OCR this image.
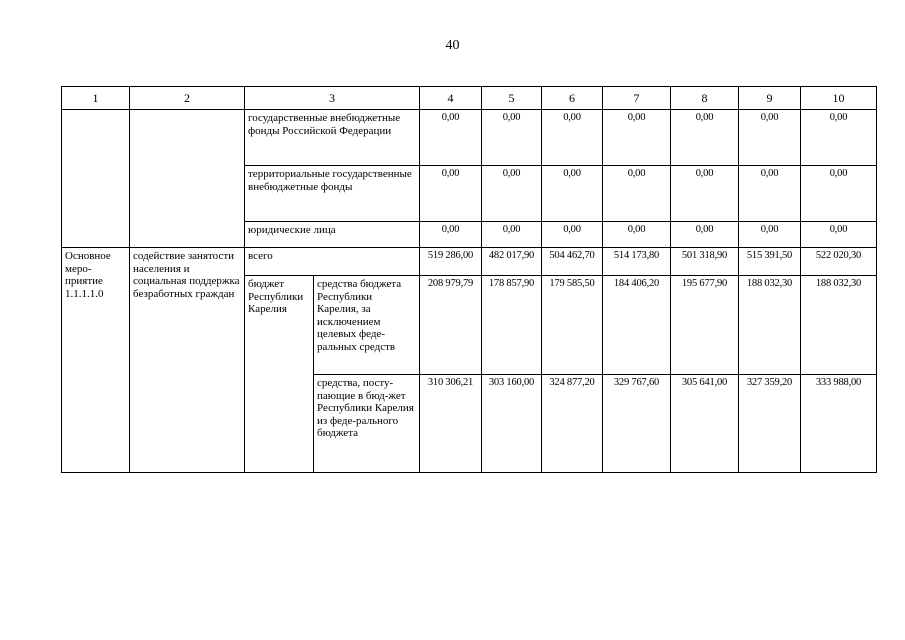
40
1	2	3		4	5	6	7	8	9	10
		государственные внебюджетные фонды Российской Федерации		0,00	0,00	0,00	0,00	0,00	0,00	0,00
		территориальные государственные внебюджетные фонды		0,00	0,00	0,00	0,00	0,00	0,00	0,00
		юридические лица		0,00	0,00	0,00	0,00	0,00	0,00	0,00
Основное меро-приятие 1.1.1.1.0	содействие занятости населения и социальная поддержка безработных граждан	всего		519 286,00	482 017,90	504 462,70	514 173,80	501 318,90	515 391,50	522 020,30
		бюджет Республики Карелия	средства бюджета Республики Карелия, за исключением целевых феде-ральных средств	208 979,79	178 857,90	179 585,50	184 406,20	195 677,90	188 032,30	188 032,30
			средства, посту-пающие в бюд-жет Республики Карелия из феде-рального бюджета	310 306,21	303 160,00	324 877,20	329 767,60	305 641,00	327 359,20	333 988,00
